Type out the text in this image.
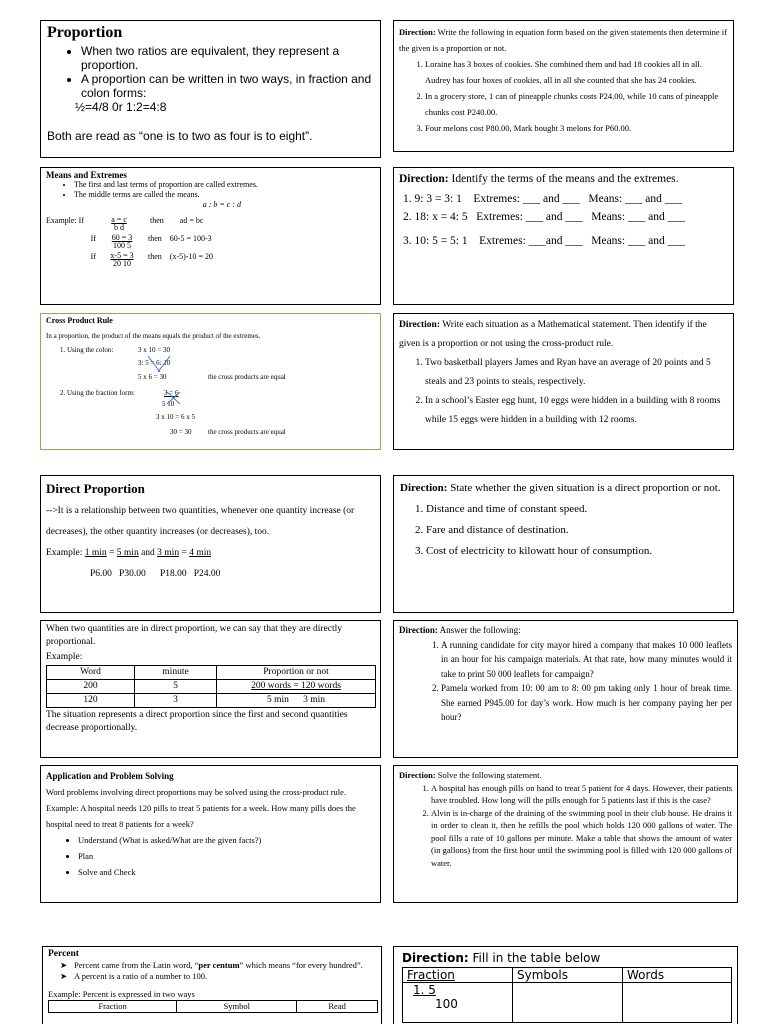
Proportion
• When two ratios are equivalent, they represent a proportion.
• A proportion can be written in two ways, in fraction and colon forms:
½=4/8 0r 1:2=4:8
Both are read as “one is to two as four is to eight”.
Direction: Write the following in equation form based on the given statements then determine if the given is a proportion or not.
1. Loraine has 3 boxes of cookies. She combined them and had 18 cookies all in all. Audrey has four boxes of cookies, all in all she counted that she has 24 cookies.
2. In a grocery store, 1 can of pineapple chunks costs P24.00, while 10 cans of pineapple chunks cost P240.00.
3. Four melons cost P80.00, Mark bought 3 melons for P60.00.
Means and Extremes
• The first and last terms of proportion are called extremes.
• The middle terms are called the means.
a : b = c : d
Example: If	$\frac{a = c}{\text{b d}}$ then ad = bc
If $\frac{60 = 3}{100 5}$ then 60-5 = 100-3
If $\frac{x-5 = 3}{20 10}$ then (x-5)-10 = 20
Direction: Identify the terms of the means and the extremes.
1. 9: 3 = 3: 1 Extremes: ___ and ___ Means: ___ and ___
2. 18: x = 4: 5 Extremes: ___ and ___ Means: ___ and ___
3. 10: 5 = 5: 1 Extremes: ___and ___ Means: ___ and ___
Cross Product Rule
In a proportion, the product of the means equals the product of the extremes.
1. Using the colon:	3 x 10 = 30
3: 5 = 6: 10
5 x 6 = 30	the cross products are equal
2. Using the fraction form:	3 = 6
5 10
3 x 10 = 6 x 5
30 = 30 the cross products are equal
Direction: Write each situation as a Mathematical statement. Then identify if the given is a proportion or not using the cross-product rule.
1. Two basketball players James and Ryan have an average of 20 points and 5 steals and 23 points to steals, respectively.
2. In a school’s Easter egg hunt, 10 eggs were hidden in a building with 8 rooms while 15 eggs were hidden in a building with 12 rooms.
Direct Proportion
-->It is a relationship between two quantities, whenever one quantity increase (or decreases), the other quantity increases (or decreases), too.
Example: 1 min = 5 min and 3 min = 4 min
P6.00   P30.00      P18.00   P24.00
Direction: State whether the given situation is a direct proportion or not.
1. Distance and time of constant speed.
2. Fare and distance of destination.
3. Cost of electricity to kilowatt hour of consumption.
When two quantities are in direct proportion, we can say that they are directly proportional.
Example:
Word	minute	Proportion or not
200	5	200 words = 120 words
120	3	5 min      3 min
The situation represents a direct proportion since the first and second quantities decrease proportionally.
Direction: Answer the following:
1. A running candidate for city mayor hired a company that makes 10 000 leaflets in an hour for his campaign materials. At that rate, how many minutes would it take to print 50 000 leaflets for campaign?
2. Pamela worked from 10: 00 am to 8: 00 pm taking only 1 hour of break time. She earned P945.00 for day’s work. How much is her company paying her per hour?
Application and Problem Solving
Word problems involving direct proportions may be solved using the cross-product rule.
Example: A hospital needs 120 pills to treat 5 patients for a week. How many pills does the hospital need to treat 8 patients for a week?
• Understand (What is asked/What are the given facts?)
• Plan
• Solve and Check
Direction: Solve the following statement.
1. A hospital has enough pills on hand to treat 5 patient for 4 days. However, their patients have troubled. How long will the pills enough for 5 patients last if this is the case?
2. Alvin is in-charge of the draining of the swimming pool in their club house. He drains it in order to clean it, then he refills the pool which holds 120 000 gallons of water. The pool fills a rate of 10 gallons per minute. Make a table that shows the amount of water (in gallons) from the first hour until the swimming pool is filled with 120 000 gallons of water.
Percent
➤ Percent came from the Latin word, “per centum” which means “for every hundred”.
➤ A percent is a ratio of a number to 100.
Example: Percent is expressed in two ways
Fraction	Symbol	Read
Direction: Fill in the table below
Fraction	Symbols	Words

1. 5
100		
